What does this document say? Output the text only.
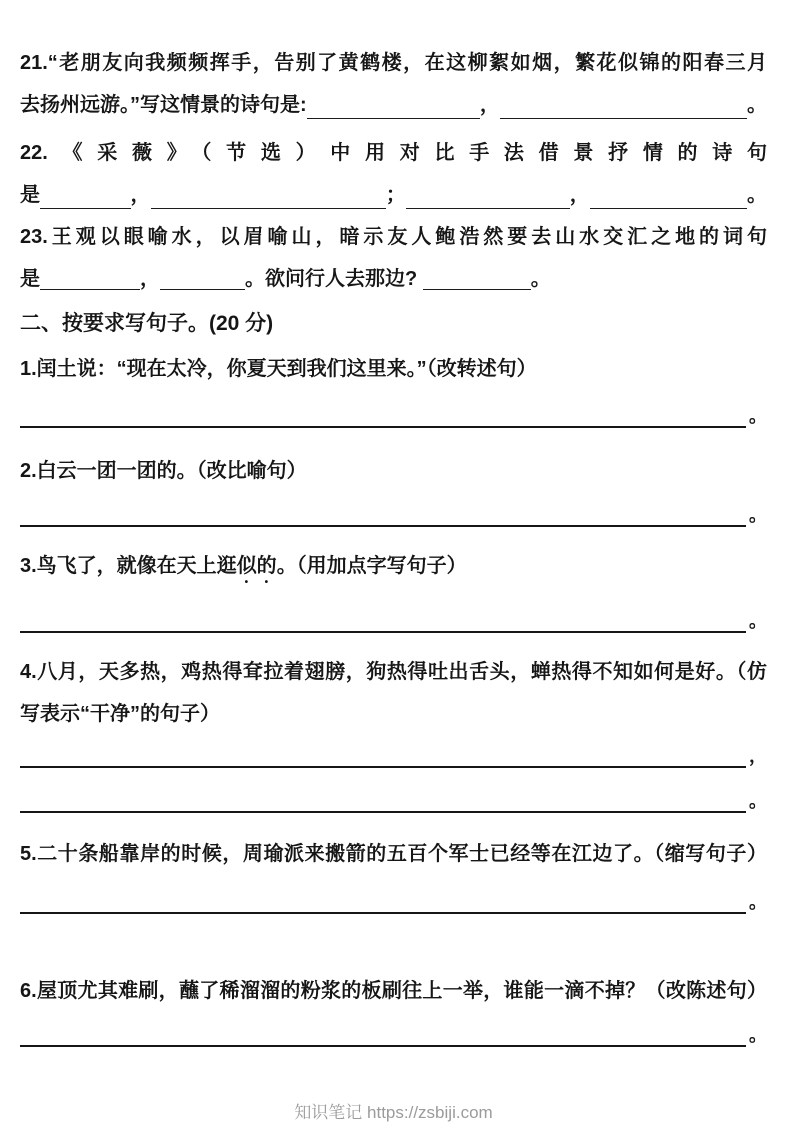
21.“老朋友向我频频挥手，告别了黄鹤楼，在这柳絮如烟，繁花似锦的阳春三月
去扬州远游。”写这情景的诗句是:	，	。
22.《采薇》（节选）中用对比手法借景抒情的诗句
是	，	；	，	。
23.王观以眼喻水，以眉喻山，暗示友人鲍浩然要去山水交汇之地的词句
是	，	。欲问行人去那边?	。
二、按要求写句子。(20 分)
1.闰土说：“现在太冷，你夏天到我们这里来。”（改转述句）
。
2.白云一团一团的。（改比喻句）
。
3.鸟飞了，就像在天上逛似的。（用加点字写句子）
。
4.八月，天多热，鸡热得耷拉着翅膀，狗热得吐出舌头，蝉热得不知如何是好。（仿
写表示“干净”的句子）
，
。
5.二十条船靠岸的时候，周瑜派来搬箭的五百个军士已经等在江边了。（缩写句子）
。
6.屋顶尤其难刷，蘸了稀溜溜的粉浆的板刷往上一举，谁能一滴不掉？（改陈述句）
。
知识笔记 https://zsbiji.com
